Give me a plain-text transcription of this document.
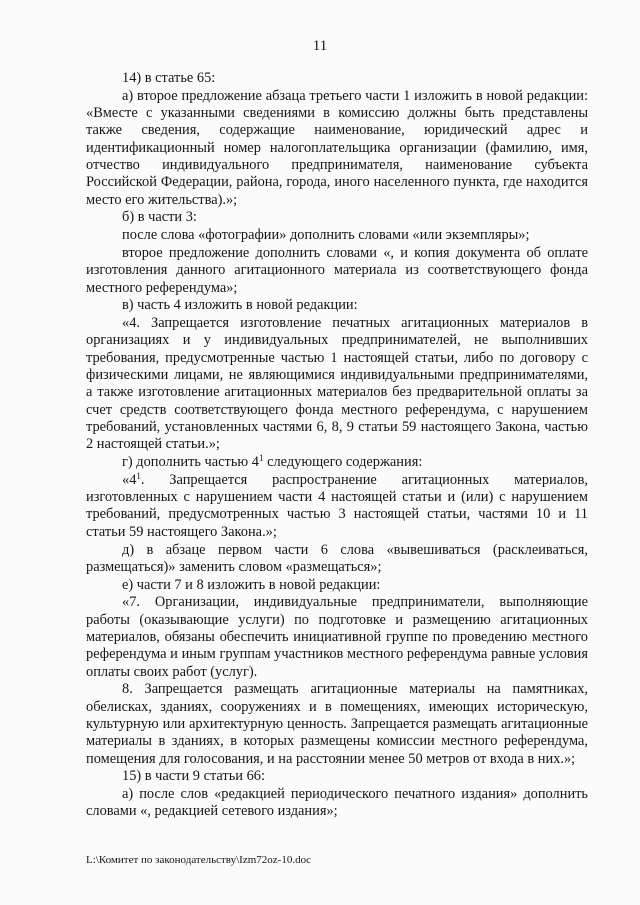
11

14) в статье 65:

а) второе предложение абзаца третьего части 1 изложить в новой редакции: «Вместе с указанными сведениями в комиссию должны быть представлены также сведения, содержащие наименование, юридический адрес и идентификационный номер налогоплательщика организации (фамилию, имя, отчество индивидуального предпринимателя, наименование субъекта Российской Федерации, района, города, иного населенного пункта, где находится место его жительства).»;

б) в части 3:

после слова «фотографии» дополнить словами «или экземпляры»;

второе предложение дополнить словами «, и копия документа об оплате изготовления данного агитационного материала из соответствующего фонда местного референдума»;

в) часть 4 изложить в новой редакции:

«4. Запрещается изготовление печатных агитационных материалов в организациях и у индивидуальных предпринимателей, не выполнивших требования, предусмотренные частью 1 настоящей статьи, либо по договору с физическими лицами, не являющимися индивидуальными предпринимателями, а также изготовление агитационных материалов без предварительной оплаты за счет средств соответствующего фонда местного референдума, с нарушением требований, установленных частями 6, 8, 9 статьи 59 настоящего Закона, частью 2 настоящей статьи.»;

г) дополнить частью $4^1$ следующего содержания:

«$4^1$. Запрещается распространение агитационных материалов, изготовленных с нарушением части 4 настоящей статьи и (или) с нарушением требований, предусмотренных частью 3 настоящей статьи, частями 10 и 11 статьи 59 настоящего Закона.»;

д) в абзаце первом части 6 слова «вывешиваться (расклеиваться, размещаться)» заменить словом «размещаться»;

е) части 7 и 8 изложить в новой редакции:

«7. Организации, индивидуальные предприниматели, выполняющие работы (оказывающие услуги) по подготовке и размещению агитационных материалов, обязаны обеспечить инициативной группе по проведению местного референдума и иным группам участников местного референдума равные условия оплаты своих работ (услуг).

8. Запрещается размещать агитационные материалы на памятниках, обелисках, зданиях, сооружениях и в помещениях, имеющих историческую, культурную или архитектурную ценность. Запрещается размещать агитационные материалы в зданиях, в которых размещены комиссии местного референдума, помещения для голосования, и на расстоянии менее 50 метров от входа в них.»;

15) в части 9 статьи 66:

а) после слов «редакцией периодического печатного издания» дополнить словами «, редакцией сетевого издания»;

L:\Комитет по законодательству\Izm72oz-10.doc
